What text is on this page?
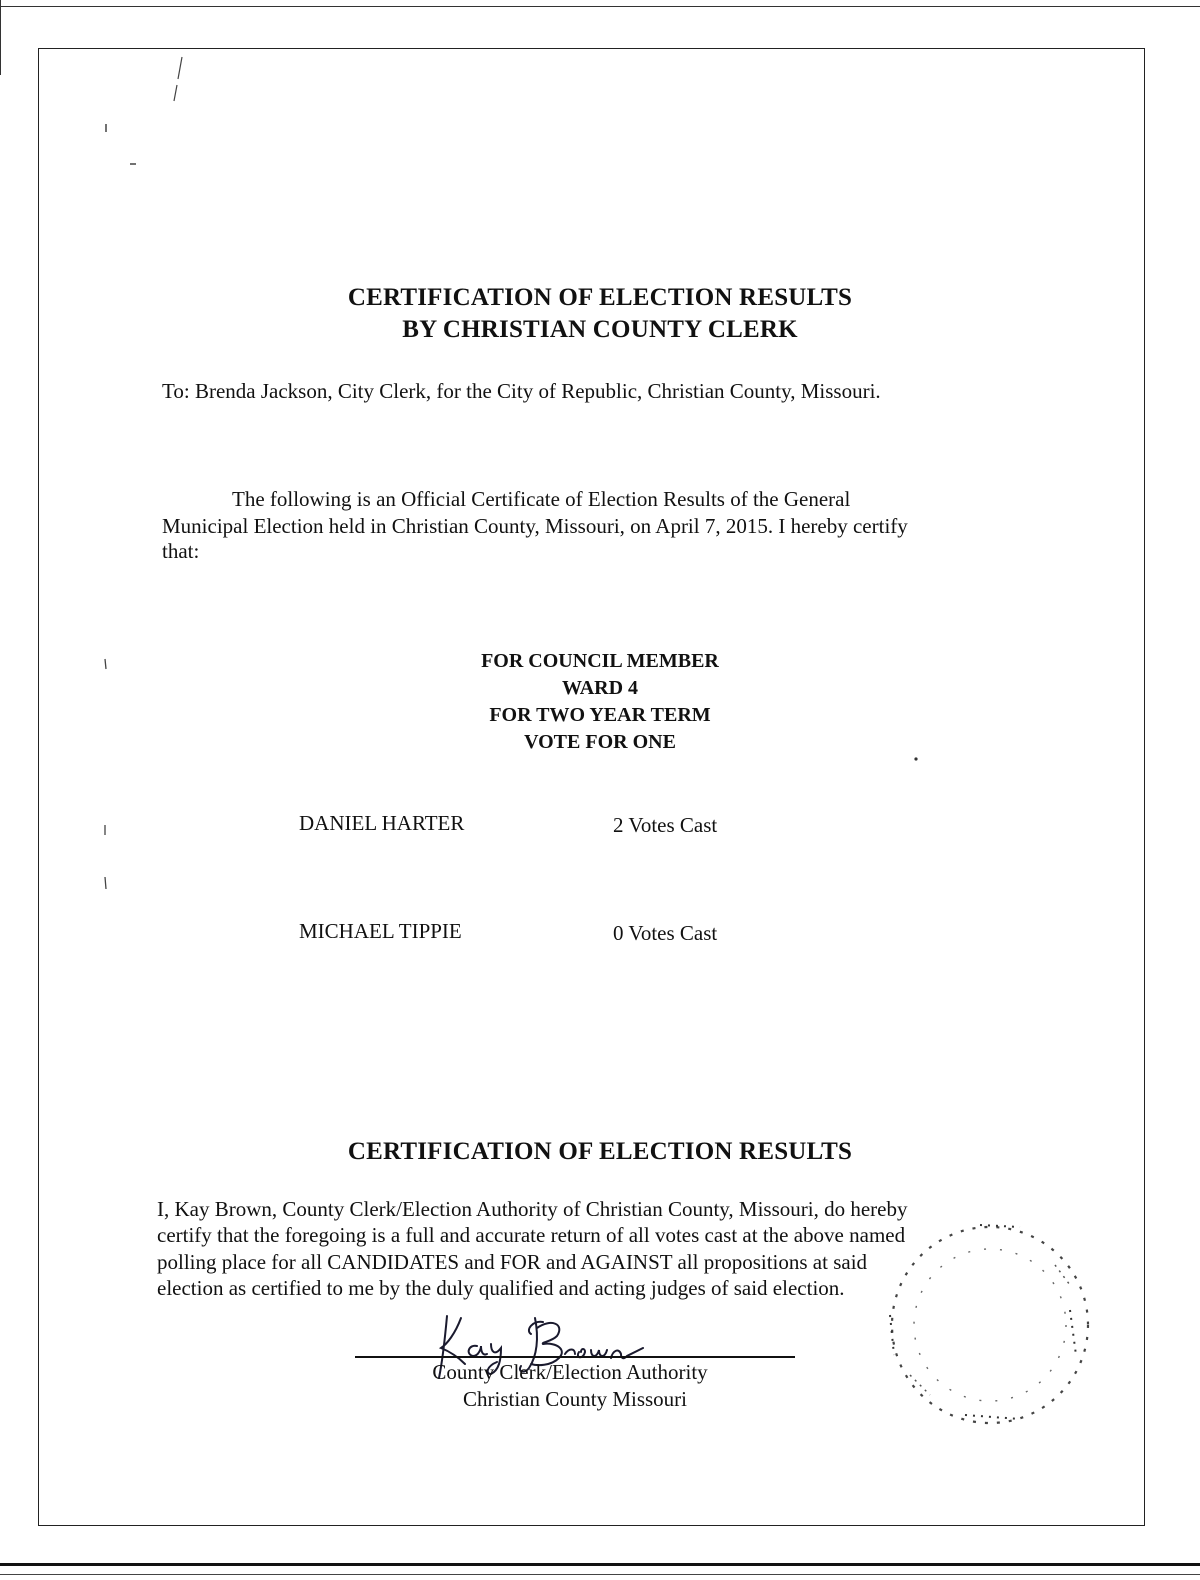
CERTIFICATION OF ELECTION RESULTS
BY CHRISTIAN COUNTY CLERK
To: Brenda Jackson, City Clerk, for the City of Republic, Christian County, Missouri.
The following is an Official Certificate of Election Results of the General
Municipal Election held in Christian County, Missouri, on April 7, 2015. I hereby certify
that:
FOR COUNCIL MEMBER
WARD 4
FOR TWO YEAR TERM
VOTE FOR ONE
DANIEL HARTER	2 Votes Cast
MICHAEL TIPPIE	0 Votes Cast
CERTIFICATION OF ELECTION RESULTS
I, Kay Brown, County Clerk/Election Authority of Christian County, Missouri, do hereby
certify that the foregoing is a full and accurate return of all votes cast at the above named
polling place for all CANDIDATES and FOR and AGAINST all propositions at said
election as certified to me by the duly qualified and acting judges of said election.
County Clerk/Election Authority
Christian County Missouri
